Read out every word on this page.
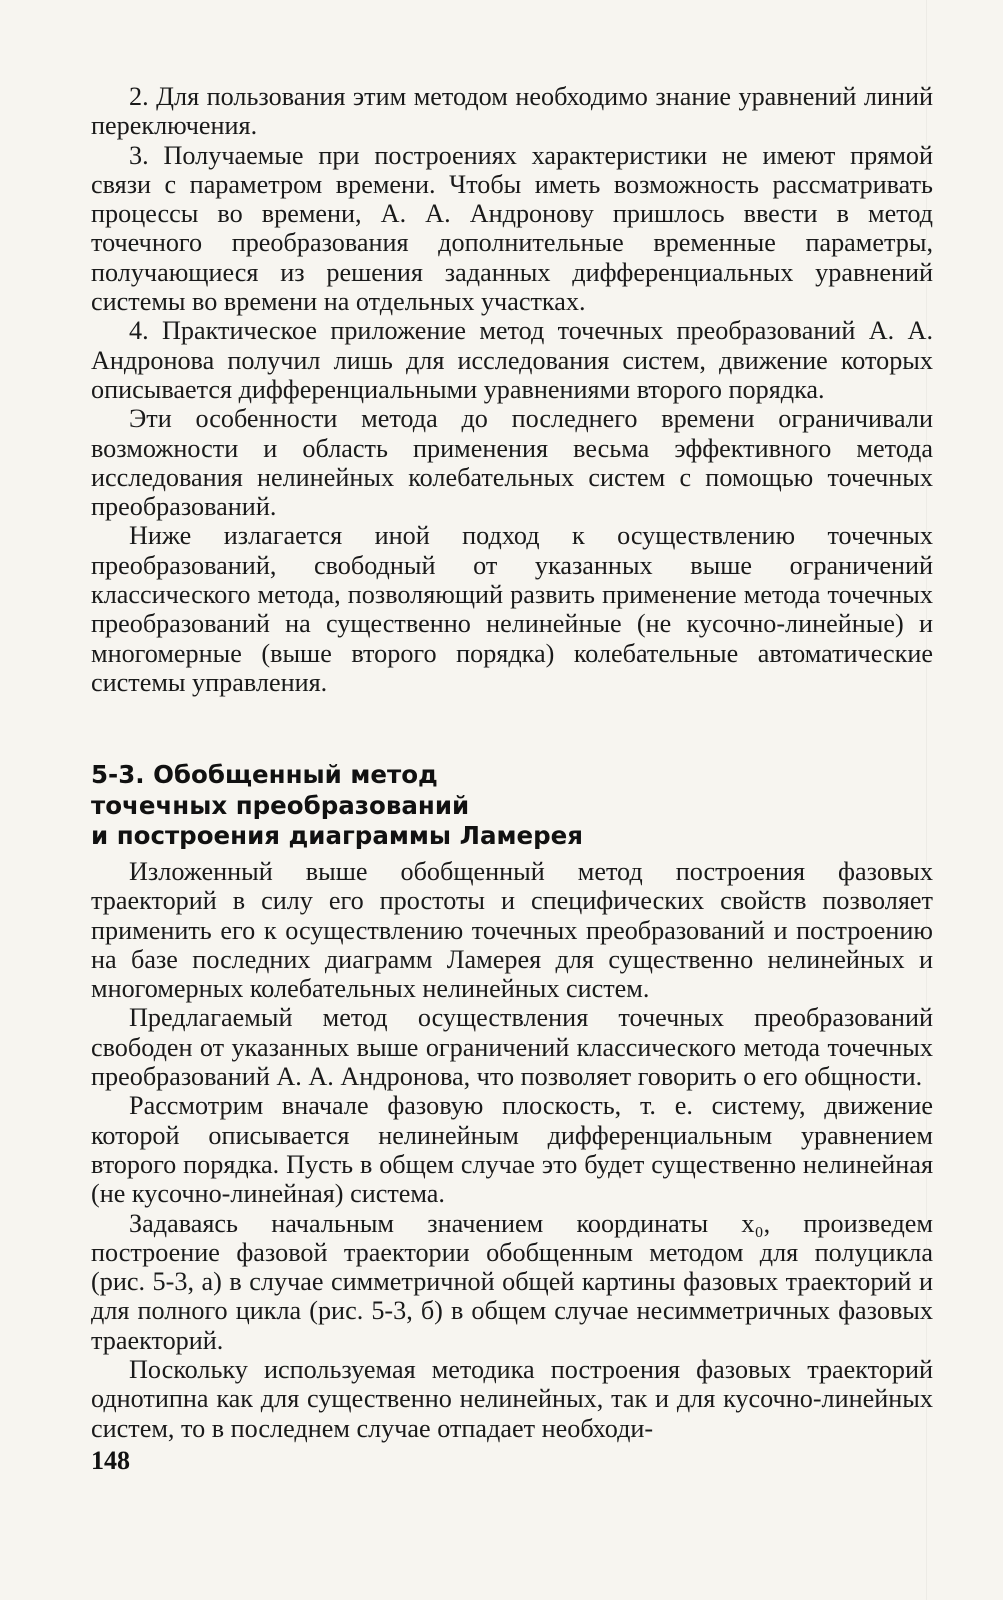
2. Для пользования этим методом необходимо знание уравнений линий переключения.

3. Получаемые при построениях характеристики не имеют прямой связи с параметром времени. Чтобы иметь возможность рассматривать процессы во времени, А. А. Андронову пришлось ввести в метод точечного преобразования дополнительные временные параметры, получающиеся из решения заданных дифференциальных уравнений системы во времени на отдельных участках.

4. Практическое приложение метод точечных преобразований А. А. Андронова получил лишь для исследования систем, движение которых описывается дифференциальными уравнениями второго порядка.

Эти особенности метода до последнего времени ограничивали возможности и область применения весьма эффективного метода исследования нелинейных колебательных систем с помощью точечных преобразований.

Ниже излагается иной подход к осуществлению точечных преобразований, свободный от указанных выше ограничений классического метода, позволяющий развить применение метода точечных преобразований на существенно нелинейные (не кусочно-линейные) и многомерные (выше второго порядка) колебательные автоматические системы управления.

5-3. Обобщенный метод
точечных преобразований
и построения диаграммы Ламерея

Изложенный выше обобщенный метод построения фазовых траекторий в силу его простоты и специфических свойств позволяет применить его к осуществлению точечных преобразований и построению на базе последних диаграмм Ламерея для существенно нелинейных и многомерных колебательных нелинейных систем.

Предлагаемый метод осуществления точечных преобразований свободен от указанных выше ограничений классического метода точечных преобразований А. А. Андронова, что позволяет говорить о его общности.

Рассмотрим вначале фазовую плоскость, т. е. систему, движение которой описывается нелинейным дифференциальным уравнением второго порядка. Пусть в общем случае это будет существенно нелинейная (не кусочно-линейная) система.

Задаваясь начальным значением координаты x₀, произведем построение фазовой траектории обобщенным методом для полуцикла (рис. 5-3, а) в случае симметричной общей картины фазовых траекторий и для полного цикла (рис. 5-3, б) в общем случае несимметричных фазовых траекторий.

Поскольку используемая методика построения фазовых траекторий однотипна как для существенно нелинейных, так и для кусочно-линейных систем, то в последнем случае отпадает необходи-

148
